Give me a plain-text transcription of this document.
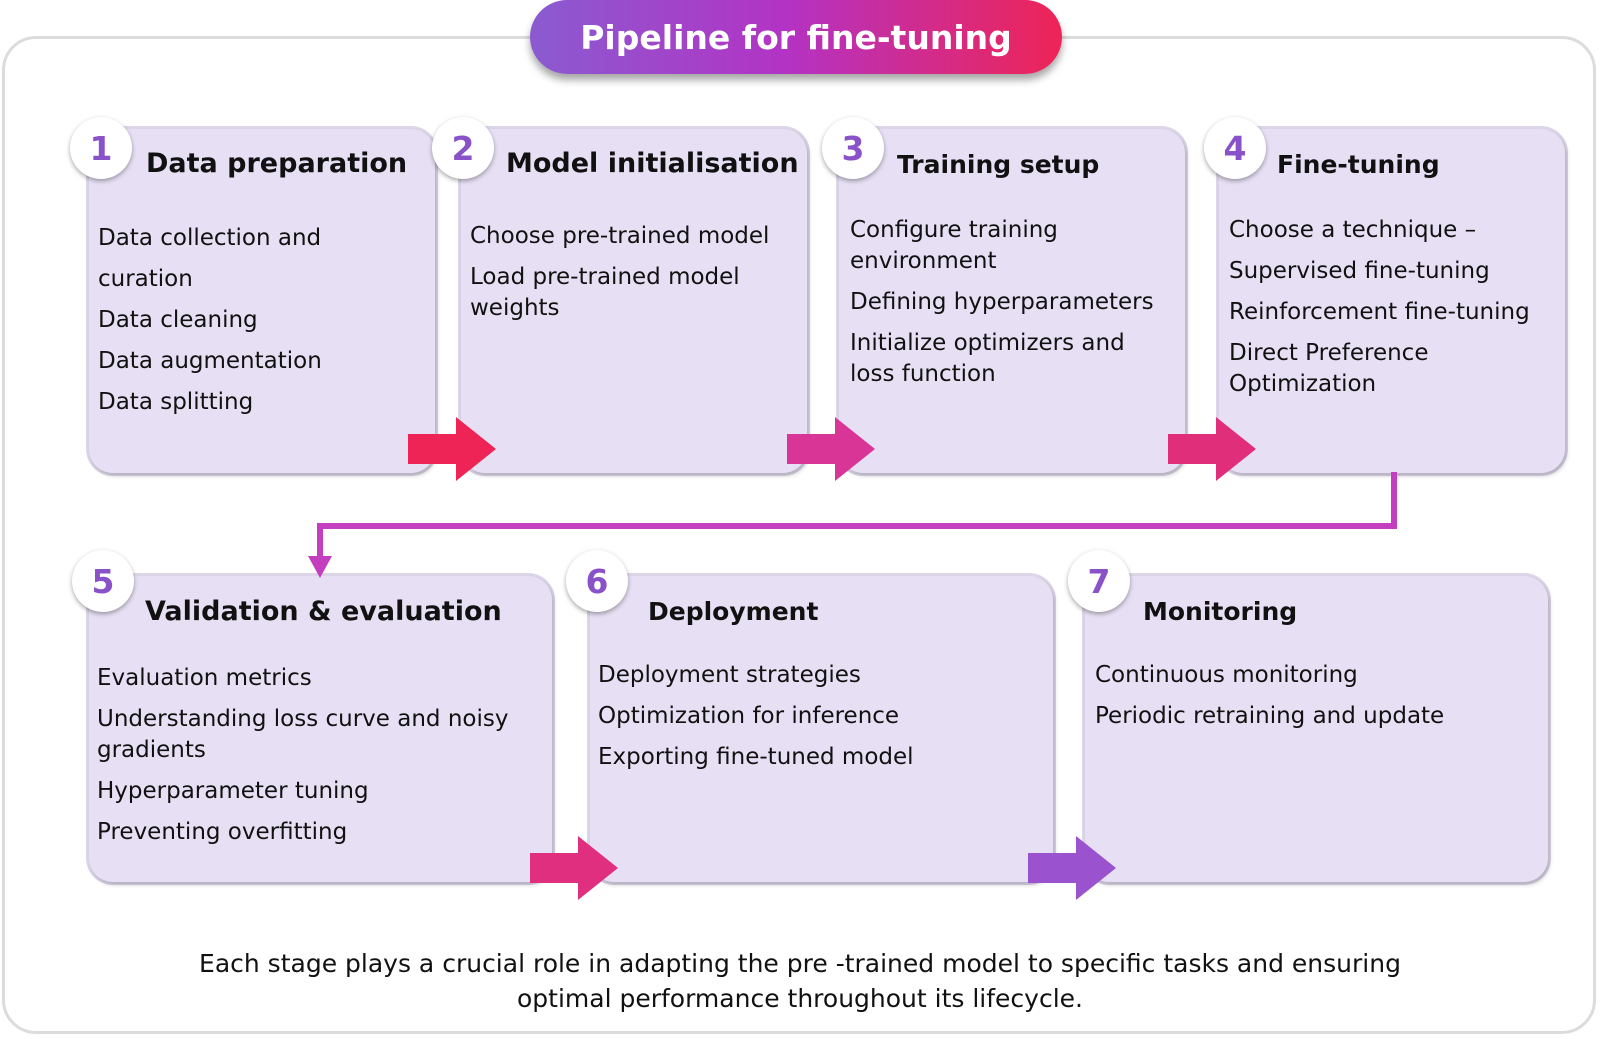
Pipeline for fine-tuning
1	Data preparation
Data collection and curation
Data cleaning
Data augmentation
Data splitting
2	Model initialisation
Choose pre-trained model
Load pre-trained model weights
3	Training setup
Configure training environment
Defining hyperparameters
Initialize optimizers and loss function
4	Fine-tuning
Choose a technique –
Supervised fine-tuning
Reinforcement fine-tuning
Direct Preference Optimization
5
Validation & evaluation
Evaluation metrics
Understanding loss curve and noisy gradients
Hyperparameter tuning
Preventing overfitting
6
Deployment
Deployment strategies
Optimization for inference
Exporting fine-tuned model
7
Monitoring
Continuous monitoring
Periodic retraining and update
Each stage plays a crucial role in adapting the pre -trained model to specific tasks and ensuring optimal performance throughout its lifecycle.
